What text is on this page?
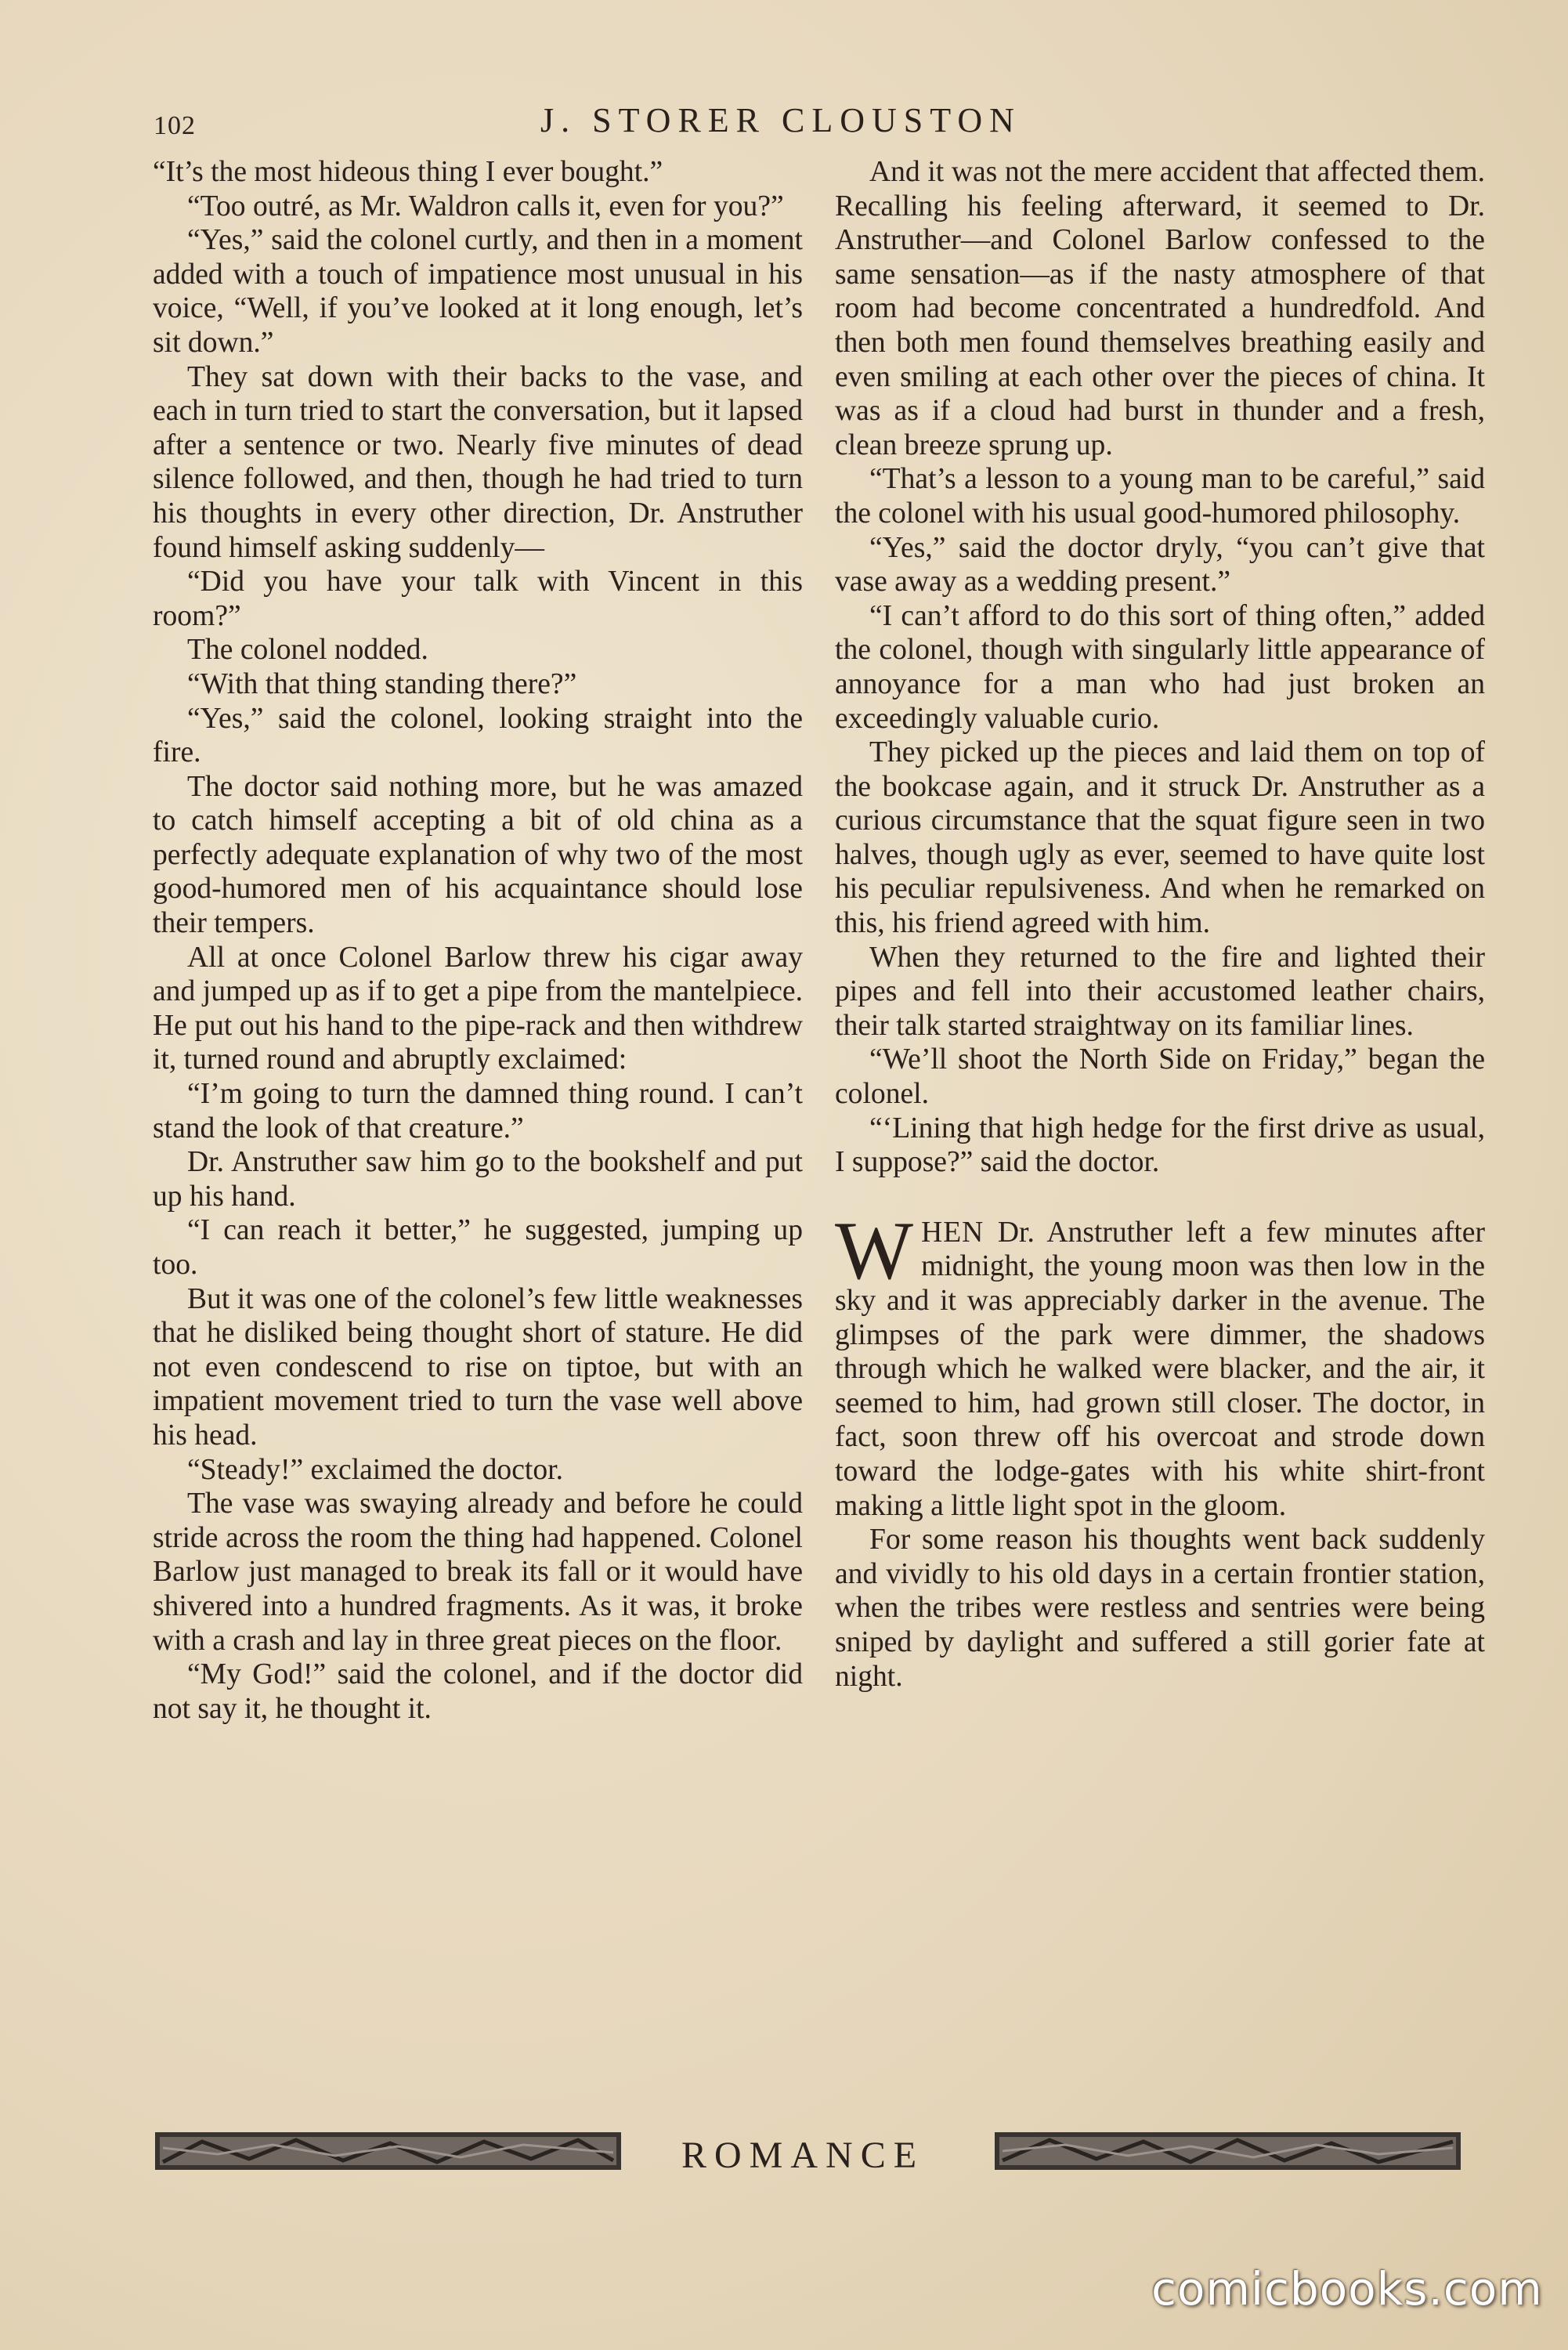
102	J. STORER CLOUSTON

“It’s the most hideous thing I ever bought.”

“Too outré, as Mr. Waldron calls it, even for you?”

“Yes,” said the colonel curtly, and then in a moment added with a touch of impatience most unusual in his voice, “Well, if you’ve looked at it long enough, let’s sit down.”

They sat down with their backs to the vase, and each in turn tried to start the conversation, but it lapsed after a sentence or two. Nearly five minutes of dead silence followed, and then, though he had tried to turn his thoughts in every other direction, Dr. Anstruther found himself asking suddenly—

“Did you have your talk with Vincent in this room?”

The colonel nodded.

“With that thing standing there?”

“Yes,” said the colonel, looking straight into the fire.

The doctor said nothing more, but he was amazed to catch himself accepting a bit of old china as a perfectly adequate explanation of why two of the most good-humored men of his acquaintance should lose their tempers.

All at once Colonel Barlow threw his cigar away and jumped up as if to get a pipe from the mantelpiece. He put out his hand to the pipe-rack and then withdrew it, turned round and abruptly exclaimed:

“I’m going to turn the damned thing round. I can’t stand the look of that creature.”

Dr. Anstruther saw him go to the bookshelf and put up his hand.

“I can reach it better,” he suggested, jumping up too.

But it was one of the colonel’s few little weaknesses that he disliked being thought short of stature. He did not even condescend to rise on tiptoe, but with an impatient movement tried to turn the vase well above his head.

“Steady!” exclaimed the doctor.

The vase was swaying already and before he could stride across the room the thing had happened. Colonel Barlow just managed to break its fall or it would have shivered into a hundred fragments. As it was, it broke with a crash and lay in three great pieces on the floor.

“My God!” said the colonel, and if the doctor did not say it, he thought it.

And it was not the mere accident that affected them. Recalling his feeling afterward, it seemed to Dr. Anstruther—and Colonel Barlow confessed to the same sensation—as if the nasty atmosphere of that room had become concentrated a hundredfold. And then both men found themselves breathing easily and even smiling at each other over the pieces of china. It was as if a cloud had burst in thunder and a fresh, clean breeze sprung up.

“That’s a lesson to a young man to be careful,” said the colonel with his usual good-humored philosophy.

“Yes,” said the doctor dryly, “you can’t give that vase away as a wedding present.”

“I can’t afford to do this sort of thing often,” added the colonel, though with singularly little appearance of annoyance for a man who had just broken an exceedingly valuable curio.

They picked up the pieces and laid them on top of the bookcase again, and it struck Dr. Anstruther as a curious circumstance that the squat figure seen in two halves, though ugly as ever, seemed to have quite lost his peculiar repulsiveness. And when he remarked on this, his friend agreed with him.

When they returned to the fire and lighted their pipes and fell into their accustomed leather chairs, their talk started straightway on its familiar lines.

“We’ll shoot the North Side on Friday,” began the colonel.

“‘Lining that high hedge for the first drive as usual, I suppose?” said the doctor.

WHEN Dr. Anstruther left a few minutes after midnight, the young moon was then low in the sky and it was appreciably darker in the avenue. The glimpses of the park were dimmer, the shadows through which he walked were blacker, and the air, it seemed to him, had grown still closer. The doctor, in fact, soon threw off his overcoat and strode down toward the lodge-gates with his white shirt-front making a little light spot in the gloom.

For some reason his thoughts went back suddenly and vividly to his old days in a certain frontier station, when the tribes were restless and sentries were being sniped by daylight and suffered a still gorier fate at night.

ROMANCE
comicbooks.com
